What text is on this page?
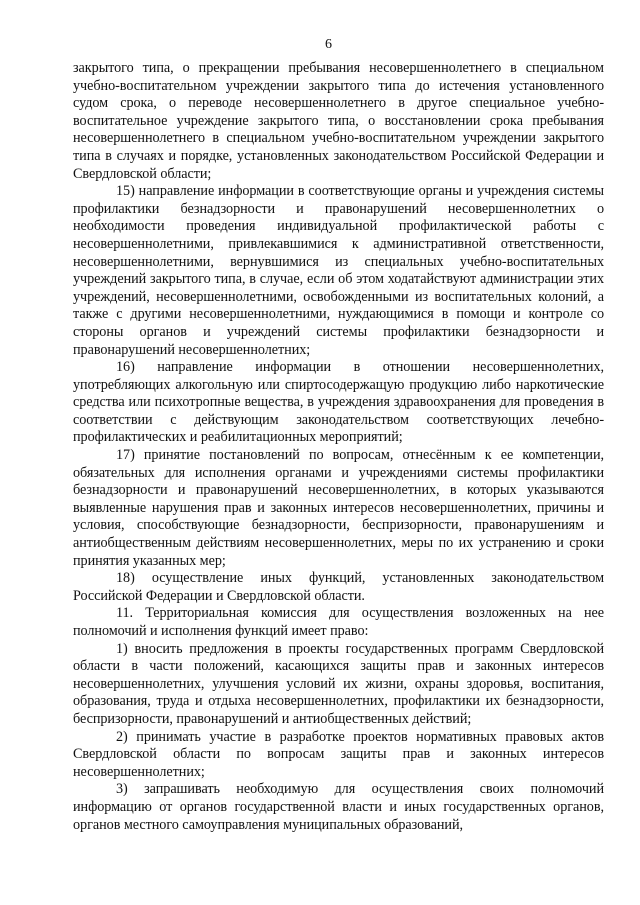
6

закрытого типа, о прекращении пребывания несовершеннолетнего в специальном учебно-воспитательном учреждении закрытого типа до истечения установленного судом срока, о переводе несовершеннолетнего в другое специальное учебно-воспитательное учреждение закрытого типа, о восстановлении срока пребывания несовершеннолетнего в специальном учебно-воспитательном учреждении закрытого типа в случаях и порядке, установленных законодательством Российской Федерации и Свердловской области;

15) направление информации в соответствующие органы и учреждения системы профилактики безнадзорности и правонарушений несовершеннолетних о необходимости проведения индивидуальной профилактической работы с несовершеннолетними, привлекавшимися к административной ответственности, несовершеннолетними, вернувшимися из специальных учебно-воспитательных учреждений закрытого типа, в случае, если об этом ходатайствуют администрации этих учреждений, несовершеннолетними, освобожденными из воспитательных колоний, а также с другими несовершеннолетними, нуждающимися в помощи и контроле со стороны органов и учреждений системы профилактики безнадзорности и правонарушений несовершеннолетних;

16) направление информации в отношении несовершеннолетних, употребляющих алкогольную или спиртосодержащую продукцию либо наркотические средства или психотропные вещества, в учреждения здравоохранения для проведения в соответствии с действующим законодательством соответствующих лечебно-профилактических и реабилитационных мероприятий;

17) принятие постановлений по вопросам, отнесённым к ее компетенции, обязательных для исполнения органами и учреждениями системы профилактики безнадзорности и правонарушений несовершеннолетних, в которых указываются выявленные нарушения прав и законных интересов несовершеннолетних, причины и условия, способствующие безнадзорности, беспризорности, правонарушениям и антиобщественным действиям несовершеннолетних, меры по их устранению и сроки принятия указанных мер;

18) осуществление иных функций, установленных законодательством Российской Федерации и Свердловской области.

11. Территориальная комиссия для осуществления возложенных на нее полномочий и исполнения функций имеет право:

1) вносить предложения в проекты государственных программ Свердловской области в части положений, касающихся защиты прав и законных интересов несовершеннолетних, улучшения условий их жизни, охраны здоровья, воспитания, образования, труда и отдыха несовершеннолетних, профилактики их безнадзорности, беспризорности, правонарушений и антиобщественных действий;

2) принимать участие в разработке проектов нормативных правовых актов Свердловской области по вопросам защиты прав и законных интересов несовершеннолетних;

3) запрашивать необходимую для осуществления своих полномочий информацию от органов государственной власти и иных государственных органов, органов местного самоуправления муниципальных образований,
